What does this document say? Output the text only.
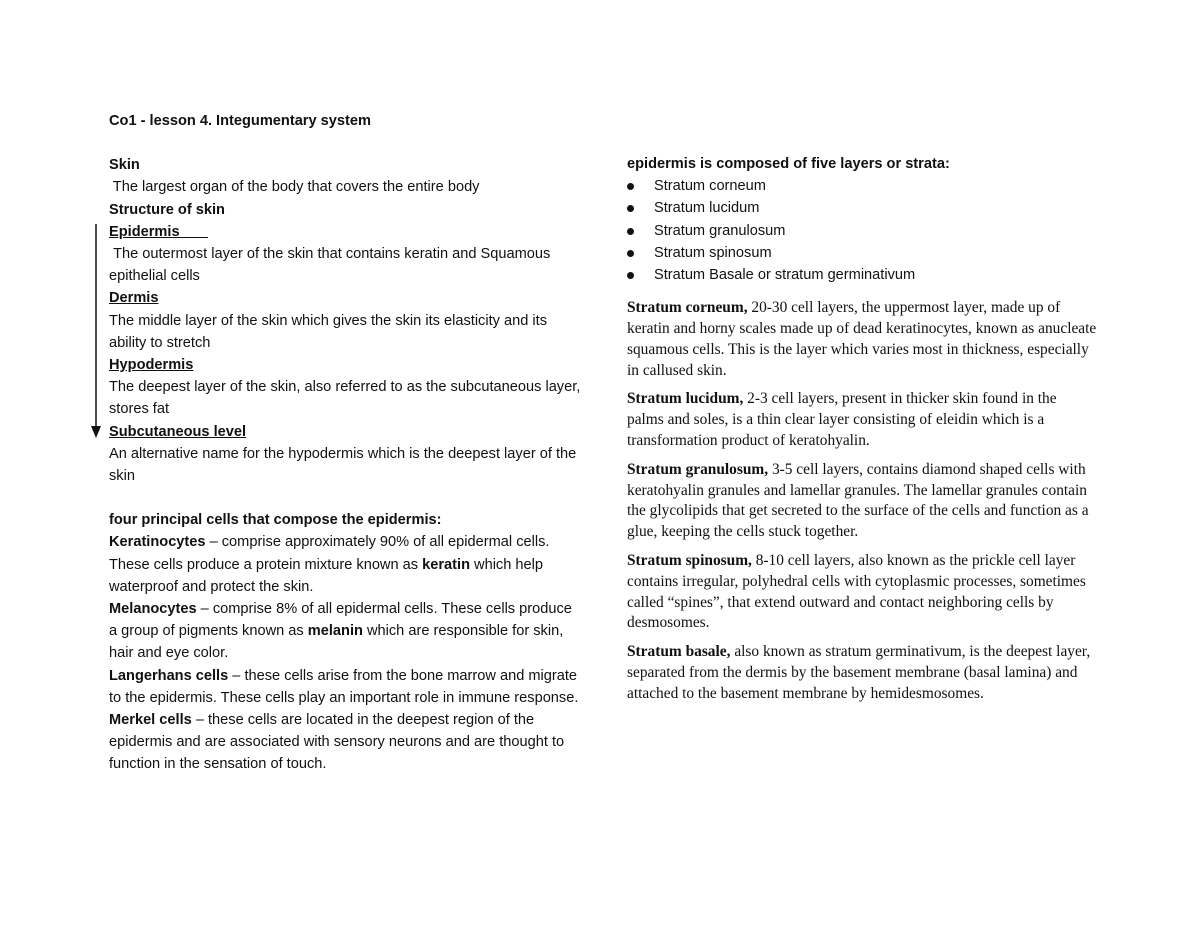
Co1 - lesson 4. Integumentary system
Skin
The largest organ of the body that covers the entire body
Structure of skin
Epidermis
The outermost layer of the skin that contains keratin and Squamous epithelial cells
Dermis
The middle layer of the skin which gives the skin its elasticity and its ability to stretch
Hypodermis
The deepest layer of the skin, also referred to as the subcutaneous layer, stores fat
Subcutaneous level
An alternative name for the hypodermis which is the deepest layer of the skin
four principal cells that compose the epidermis:
Keratinocytes – comprise approximately 90% of all epidermal cells. These cells produce a protein mixture known as keratin which help waterproof and protect the skin.
Melanocytes – comprise 8% of all epidermal cells. These cells produce a group of pigments known as melanin which are responsible for skin, hair and eye color.
Langerhans cells – these cells arise from the bone marrow and migrate to the epidermis. These cells play an important role in immune response.
Merkel cells – these cells are located in the deepest region of the epidermis and are associated with sensory neurons and are thought to function in the sensation of touch.
epidermis is composed of five layers or strata:
Stratum corneum
Stratum lucidum
Stratum granulosum
Stratum spinosum
Stratum Basale or stratum germinativum

Stratum corneum, 20-30 cell layers, the uppermost layer, made up of keratin and horny scales made up of dead keratinocytes, known as anucleate squamous cells. This is the layer which varies most in thickness, especially in callused skin.

Stratum lucidum, 2-3 cell layers, present in thicker skin found in the palms and soles, is a thin clear layer consisting of eleidin which is a transformation product of keratohyalin.

Stratum granulosum, 3-5 cell layers, contains diamond shaped cells with keratohyalin granules and lamellar granules. The lamellar granules contain the glycolipids that get secreted to the surface of the cells and function as a glue, keeping the cells stuck together.

Stratum spinosum, 8-10 cell layers, also known as the prickle cell layer contains irregular, polyhedral cells with cytoplasmic processes, sometimes called “spines”, that extend outward and contact neighboring cells by desmosomes.

Stratum basale, also known as stratum germinativum, is the deepest layer, separated from the dermis by the basement membrane (basal lamina) and attached to the basement membrane by hemidesmosomes.
